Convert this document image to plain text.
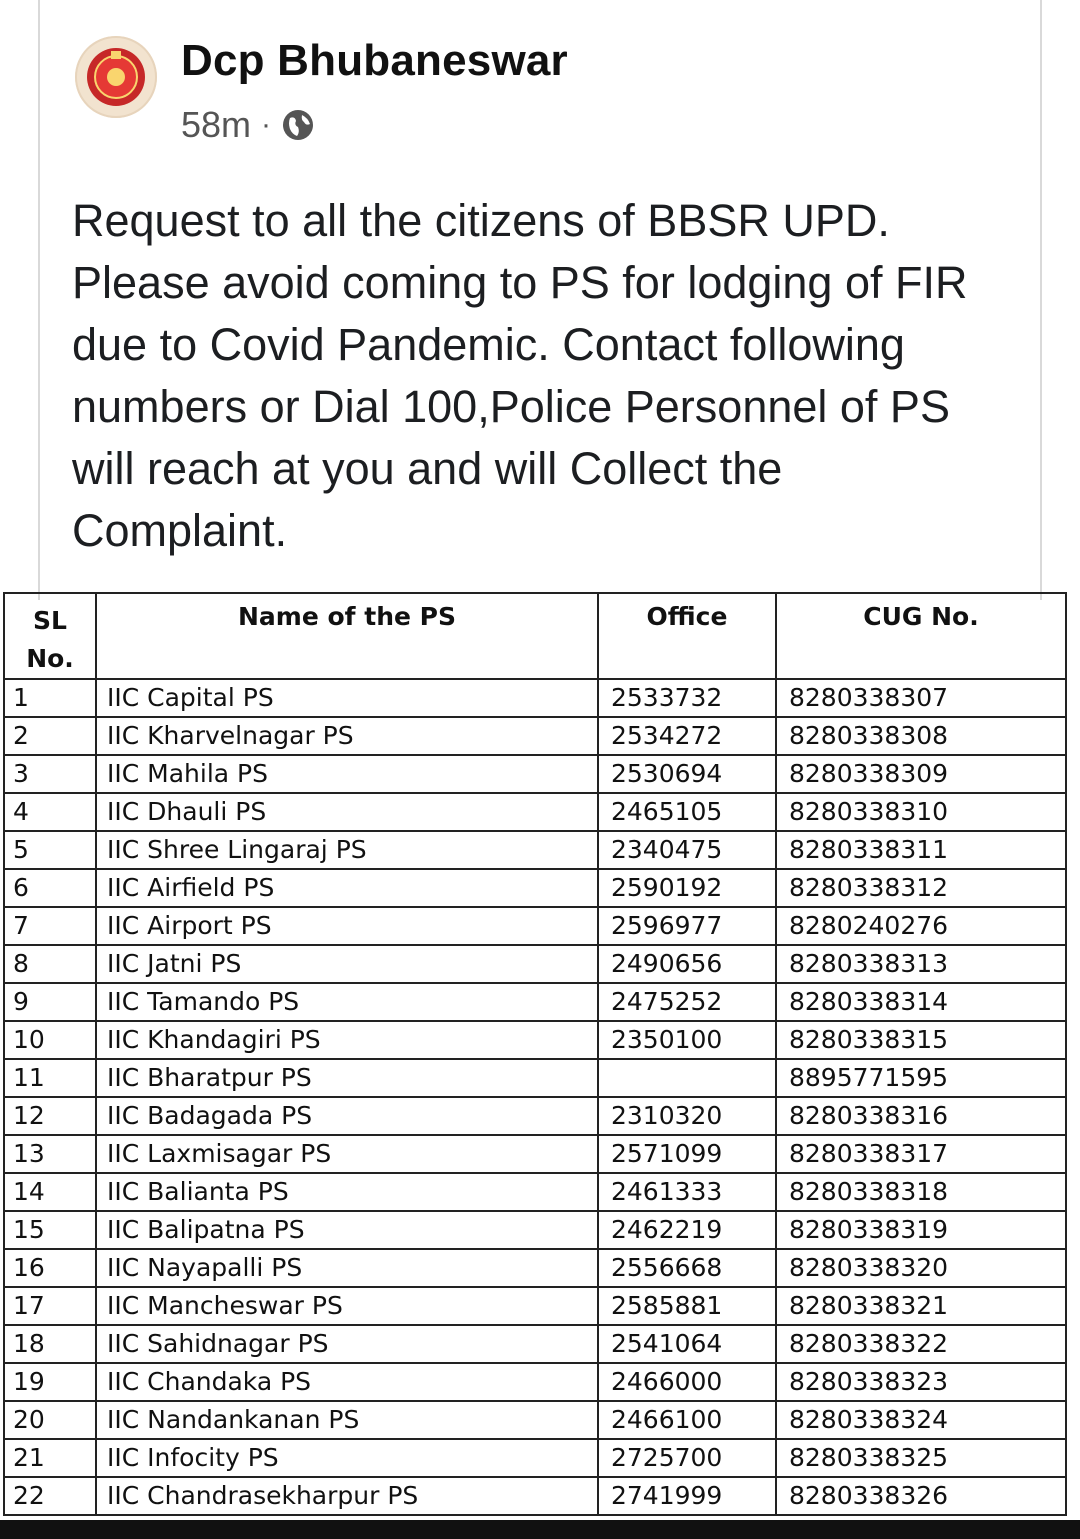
Dcp Bhubaneswar
58m ·
Request to all the citizens of BBSR UPD. Please avoid coming to PS for lodging of FIR due to Covid Pandemic. Contact following numbers or Dial 100,Police Personnel of PS will reach at you and will Collect the Complaint.
SL
No.	Name of the PS	Office	CUG No.
1	IIC Capital PS	2533732	8280338307
2	IIC Kharvelnagar PS	2534272	8280338308
3	IIC Mahila PS	2530694	8280338309
4	IIC Dhauli PS	2465105	8280338310
5	IIC Shree Lingaraj PS	2340475	8280338311
6	IIC Airfield PS	2590192	8280338312
7	IIC Airport PS	2596977	8280240276
8	IIC Jatni PS	2490656	8280338313
9	IIC Tamando PS	2475252	8280338314
10	IIC Khandagiri PS	2350100	8280338315
11	IIC Bharatpur PS		8895771595
12	IIC Badagada PS	2310320	8280338316
13	IIC Laxmisagar PS	2571099	8280338317
14	IIC Balianta PS	2461333	8280338318
15	IIC Balipatna PS	2462219	8280338319
16	IIC Nayapalli PS	2556668	8280338320
17	IIC Mancheswar PS	2585881	8280338321
18	IIC Sahidnagar PS	2541064	8280338322
19	IIC Chandaka PS	2466000	8280338323
20	IIC Nandankanan PS	2466100	8280338324
21	IIC Infocity PS	2725700	8280338325
22	IIC Chandrasekharpur PS	2741999	8280338326
